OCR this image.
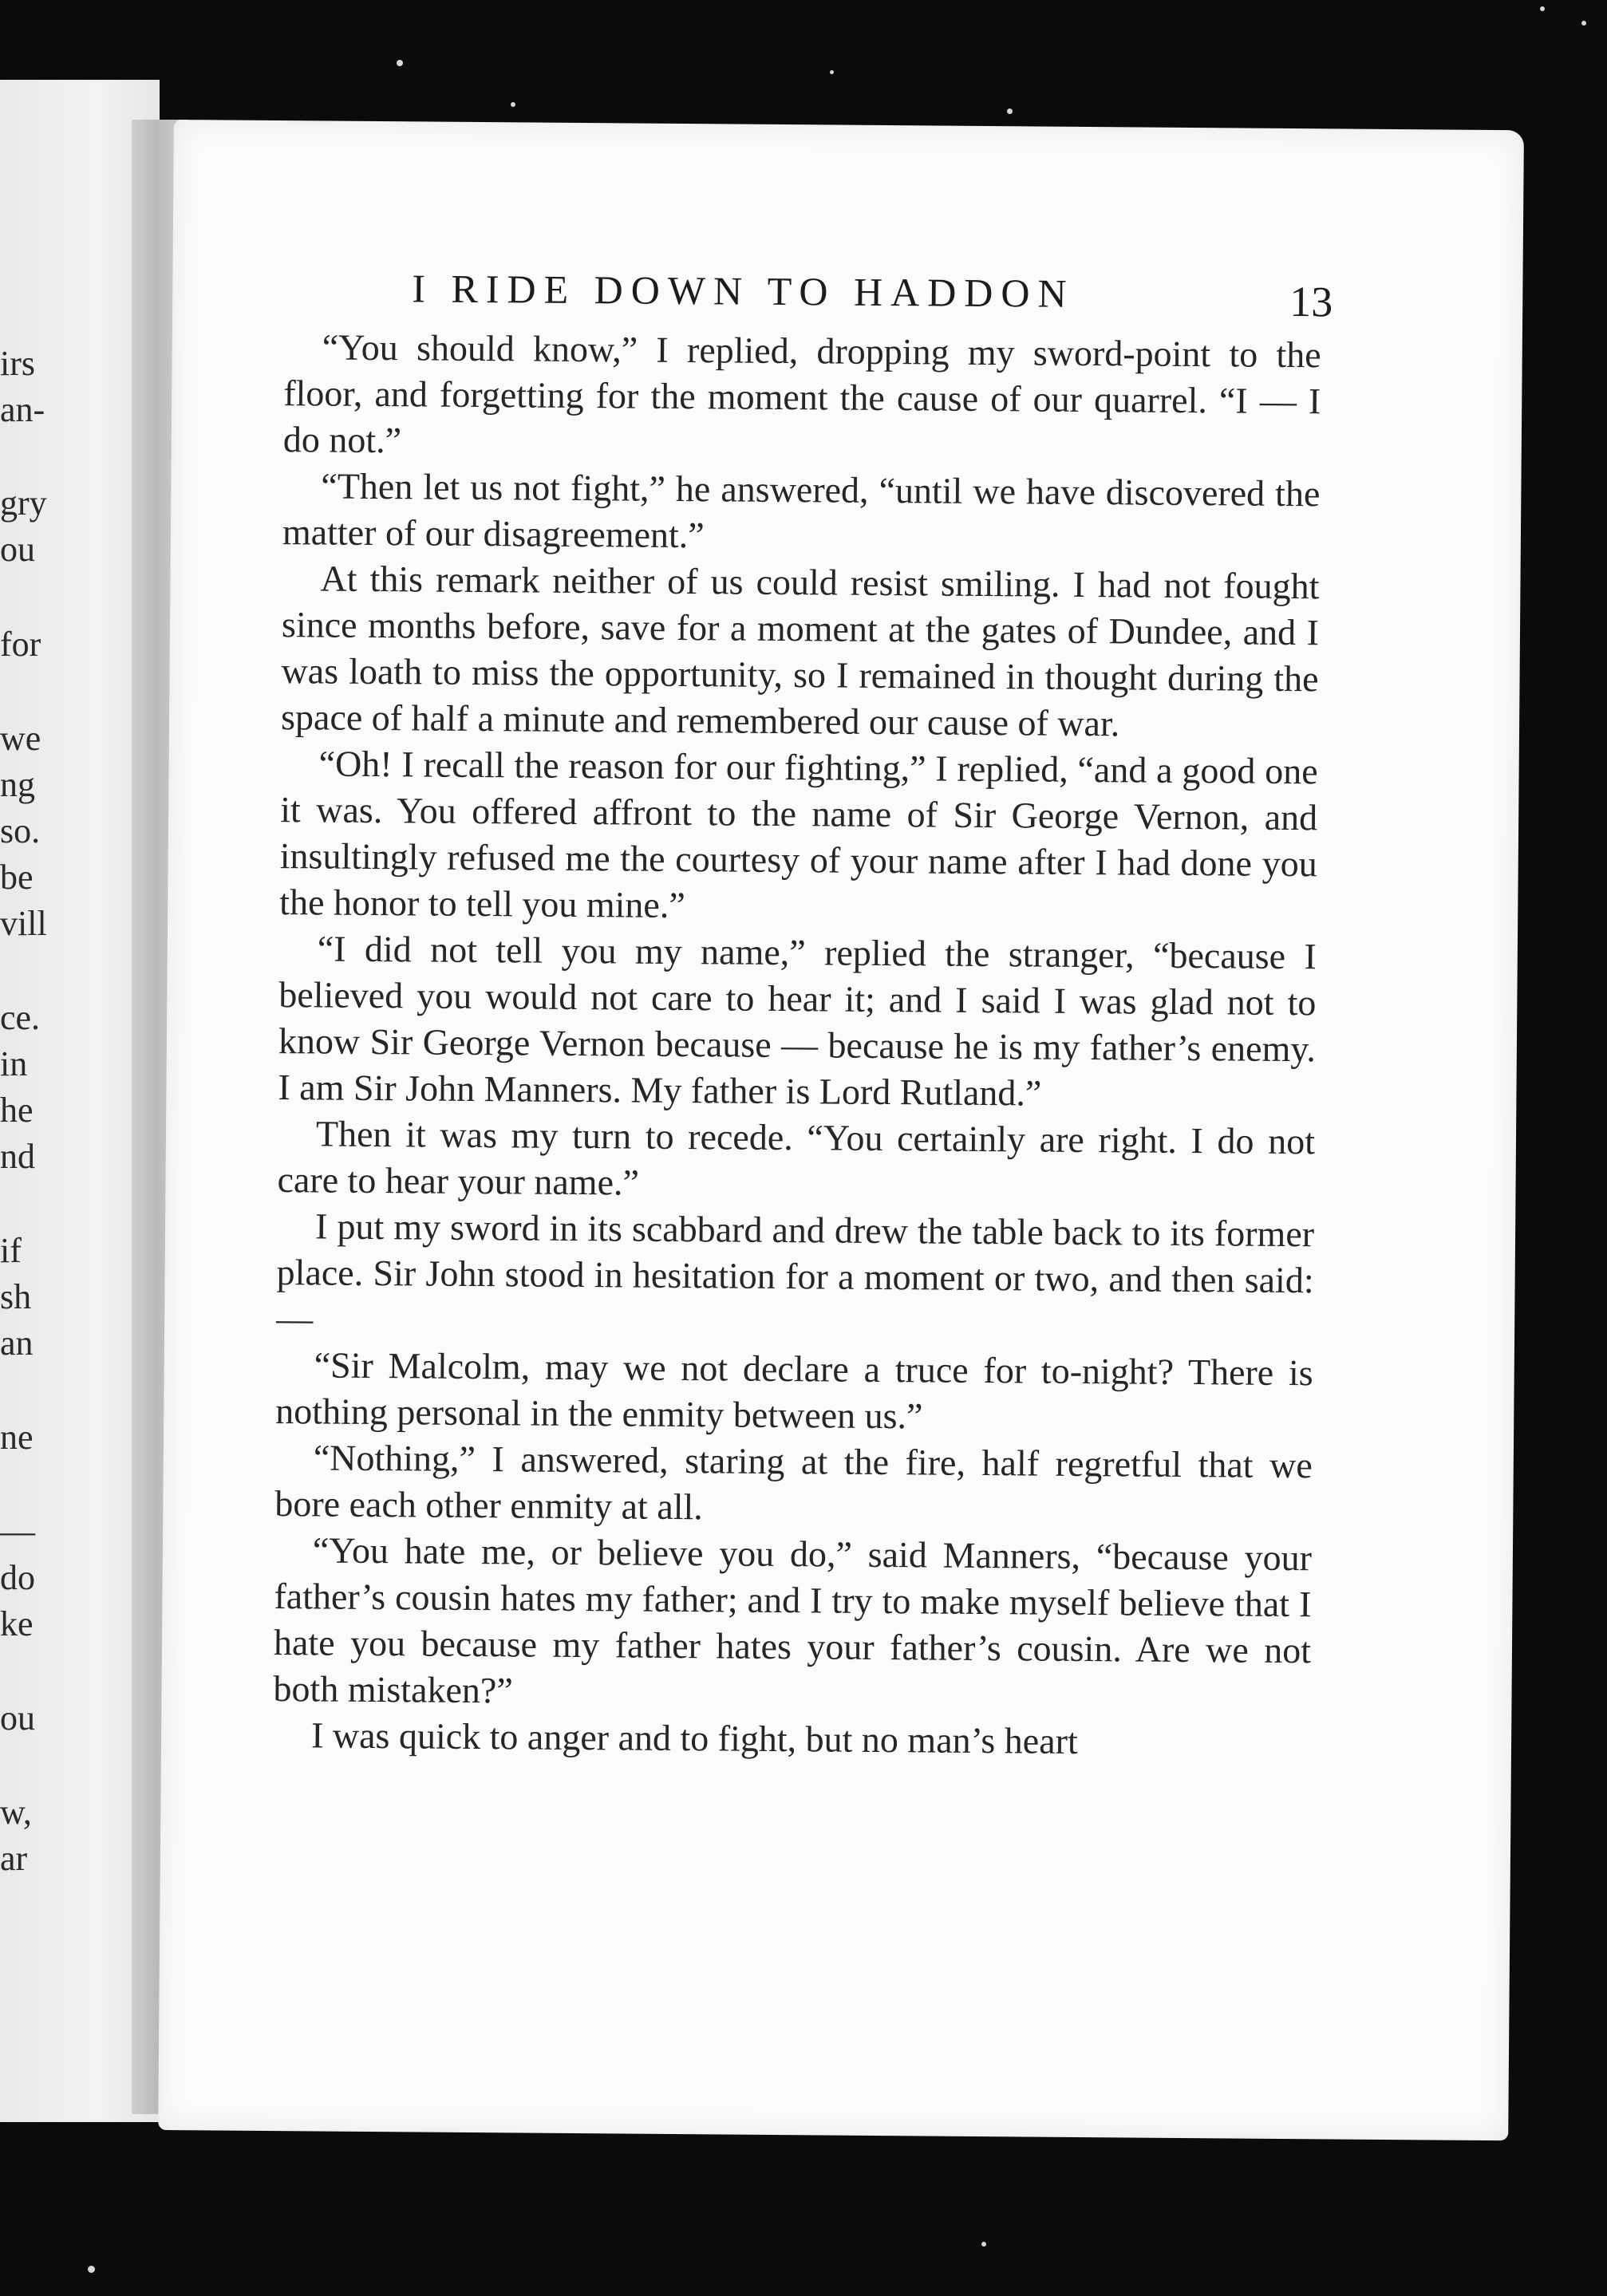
irs
an-
gry
ou
for
we
ng
so.
be
vill
ce.
in
he
nd
if
sh
an
ne
—
do
ke
ou
w,
ar
I RIDE DOWN TO HADDON	13

“You should know,” I replied, dropping my sword-point to the floor, and forgetting for the moment the cause of our quarrel. “I — I do not.”

“Then let us not fight,” he answered, “until we have discovered the matter of our disagreement.”

At this remark neither of us could resist smiling. I had not fought since months before, save for a moment at the gates of Dundee, and I was loath to miss the opportunity, so I remained in thought during the space of half a minute and remembered our cause of war.

“Oh! I recall the reason for our fighting,” I replied, “and a good one it was. You offered affront to the name of Sir George Vernon, and insultingly refused me the courtesy of your name after I had done you the honor to tell you mine.”

“I did not tell you my name,” replied the stranger, “because I believed you would not care to hear it; and I said I was glad not to know Sir George Vernon because — because he is my father’s enemy. I am Sir John Manners. My father is Lord Rutland.”

Then it was my turn to recede. “You certainly are right. I do not care to hear your name.”

I put my sword in its scabbard and drew the table back to its former place. Sir John stood in hesitation for a moment or two, and then said: —

“Sir Malcolm, may we not declare a truce for to-night? There is nothing personal in the enmity between us.”

“Nothing,” I answered, staring at the fire, half regretful that we bore each other enmity at all.

“You hate me, or believe you do,” said Manners, “because your father’s cousin hates my father; and I try to make myself believe that I hate you because my father hates your father’s cousin. Are we not both mistaken?”

I was quick to anger and to fight, but no man’s heart
